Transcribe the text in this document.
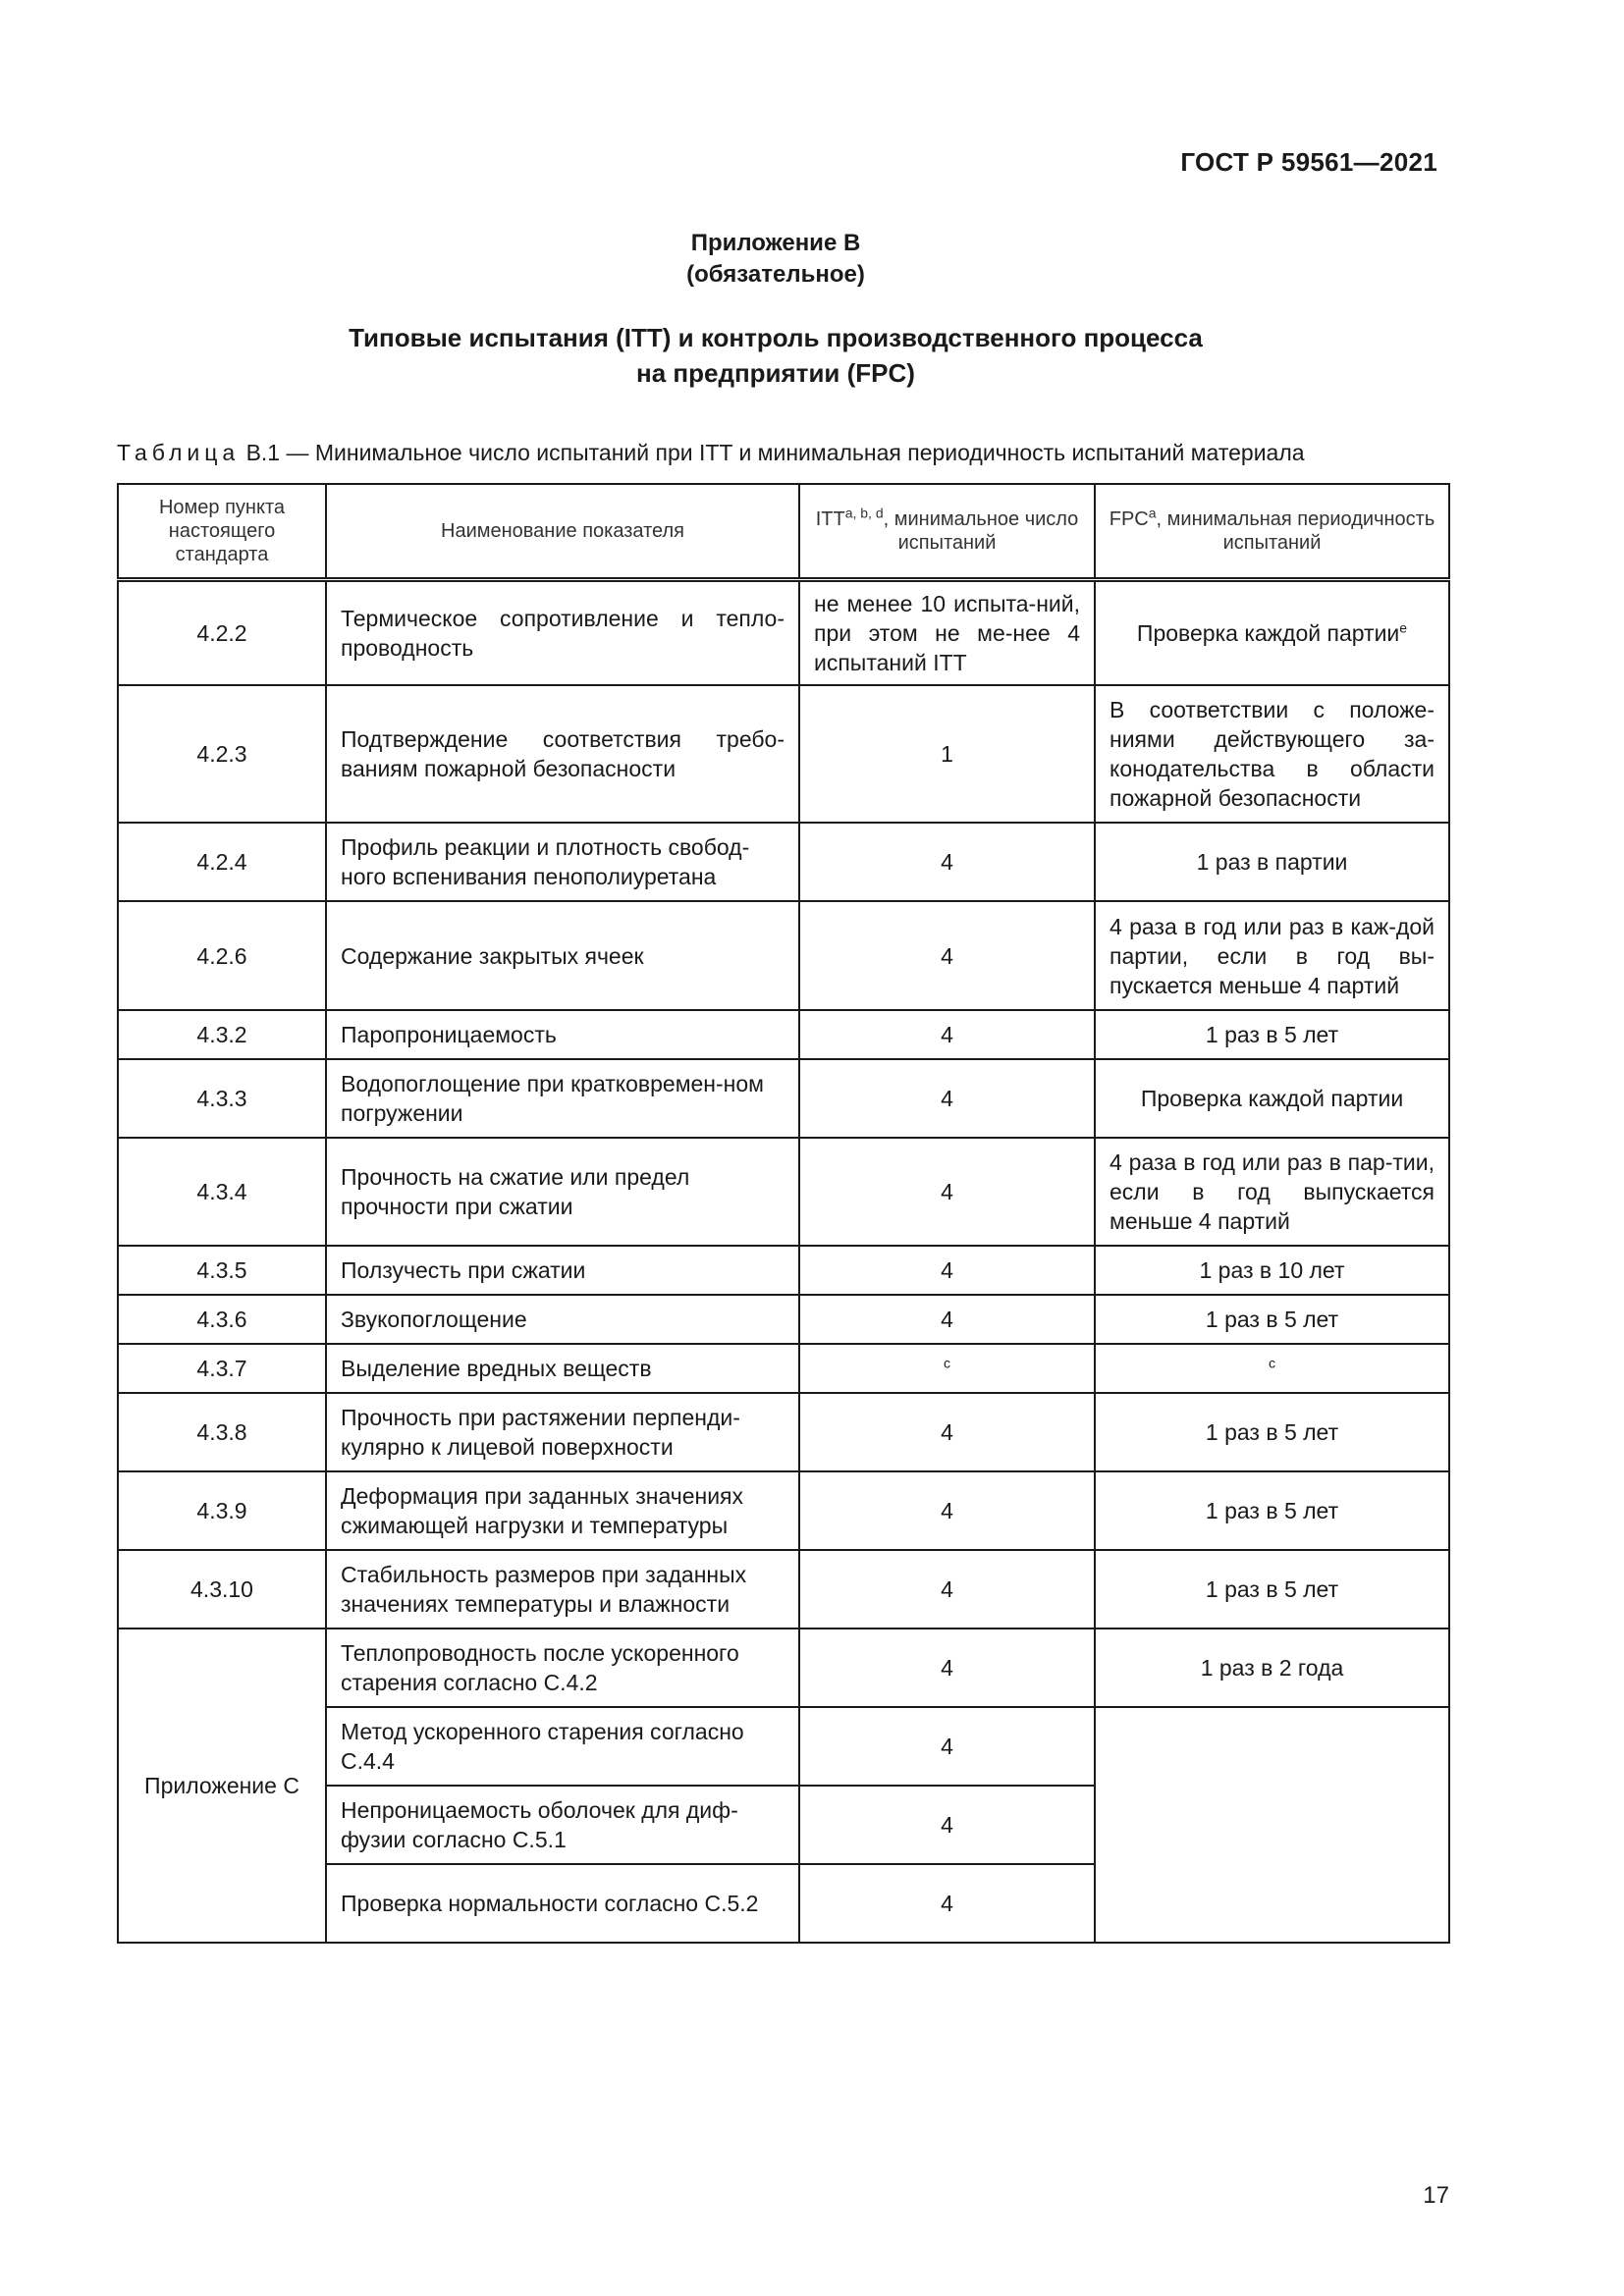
ГОСТ Р 59561—2021
Приложение В
(обязательное)
Типовые испытания (ITT) и контроль производственного процесса
на предприятии (FPC)
Таблица В.1 — Минимальное число испытаний при ITT и минимальная периодичность испытаний материала
Номер пункта настоящего стандарта	Наименование показателя	ITT$^{a, b, d}$, минимальное число испытаний	FPC$^a$, минимальная периодичность испытаний
4.2.2	Термическое сопротивление и тепло-проводность	не менее 10 испыта-ний, при этом не ме-нее 4 испытаний ITT	Проверка каждой партии$^e$
4.2.3	Подтверждение соответствия требо-ваниям пожарной безопасности	1	В соответствии с положе-ниями действующего за-конодательства в области пожарной безопасности
4.2.4	Профиль реакции и плотность свобод-ного вспенивания пенополиуретана	4	1 раз в партии
4.2.6	Содержание закрытых ячеек	4	4 раза в год или раз в каж-дой партии, если в год вы-пускается меньше 4 партий
4.3.2	Паропроницаемость	4	1 раз в 5 лет
4.3.3	Водопоглощение при кратковремен-ном погружении	4	Проверка каждой партии
4.3.4	Прочность на сжатие или предел прочности при сжатии	4	4 раза в год или раз в пар-тии, если в год выпускается меньше 4 партий
4.3.5	Ползучесть при сжатии	4	1 раз в 10 лет
4.3.6	Звукопоглощение	4	1 раз в 5 лет
4.3.7	Выделение вредных веществ	$^c$	$^c$
4.3.8	Прочность при растяжении перпенди-кулярно к лицевой поверхности	4	1 раз в 5 лет
4.3.9	Деформация при заданных значениях сжимающей нагрузки и температуры	4	1 раз в 5 лет
4.3.10	Стабильность размеров при заданных значениях температуры и влажности	4	1 раз в 5 лет
Приложение С	Теплопроводность после ускоренного старения согласно С.4.2	4	1 раз в 2 года
	Метод ускоренного старения согласно С.4.4	4	
	Непроницаемость оболочек для диф-фузии согласно С.5.1	4	
	Проверка нормальности согласно С.5.2	4	
17
